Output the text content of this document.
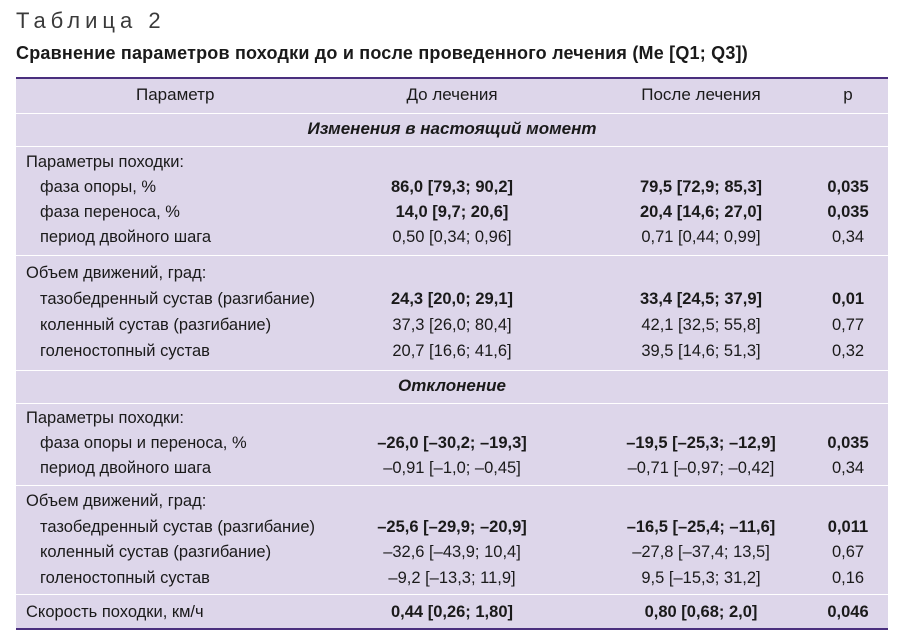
Таблица 2
Сравнение параметров походки до и после проведенного лечения (Me [Q1; Q3])
Параметр	До лечения	После лечения	p
Изменения в настоящий момент
Параметры походки:
фаза опоры, %	86,0 [79,3; 90,2]	79,5 [72,9; 85,3]	0,035
фаза переноса, %	14,0 [9,7; 20,6]	20,4 [14,6; 27,0]	0,035
период двойного шага	0,50 [0,34; 0,96]	0,71 [0,44; 0,99]	0,34
Объем движений, град:
тазобедренный сустав (разгибание)	24,3 [20,0; 29,1]	33,4 [24,5; 37,9]	0,01
коленный сустав (разгибание)	37,3 [26,0; 80,4]	42,1 [32,5; 55,8]	0,77
голеностопный сустав	20,7 [16,6; 41,6]	39,5 [14,6; 51,3]	0,32
Отклонение
Параметры походки:
фаза опоры и переноса, %	–26,0 [–30,2; –19,3]	–19,5 [–25,3; –12,9]	0,035
период двойного шага	–0,91 [–1,0; –0,45]	–0,71 [–0,97; –0,42]	0,34
Объем движений, град:
тазобедренный сустав (разгибание)	–25,6 [–29,9; –20,9]	–16,5 [–25,4; –11,6]	0,011
коленный сустав (разгибание)	–32,6 [–43,9; 10,4]	–27,8 [–37,4; 13,5]	0,67
голеностопный сустав	–9,2 [–13,3; 11,9]	9,5 [–15,3; 31,2]	0,16
Скорость походки, км/ч	0,44 [0,26; 1,80]	0,80 [0,68; 2,0]	0,046
